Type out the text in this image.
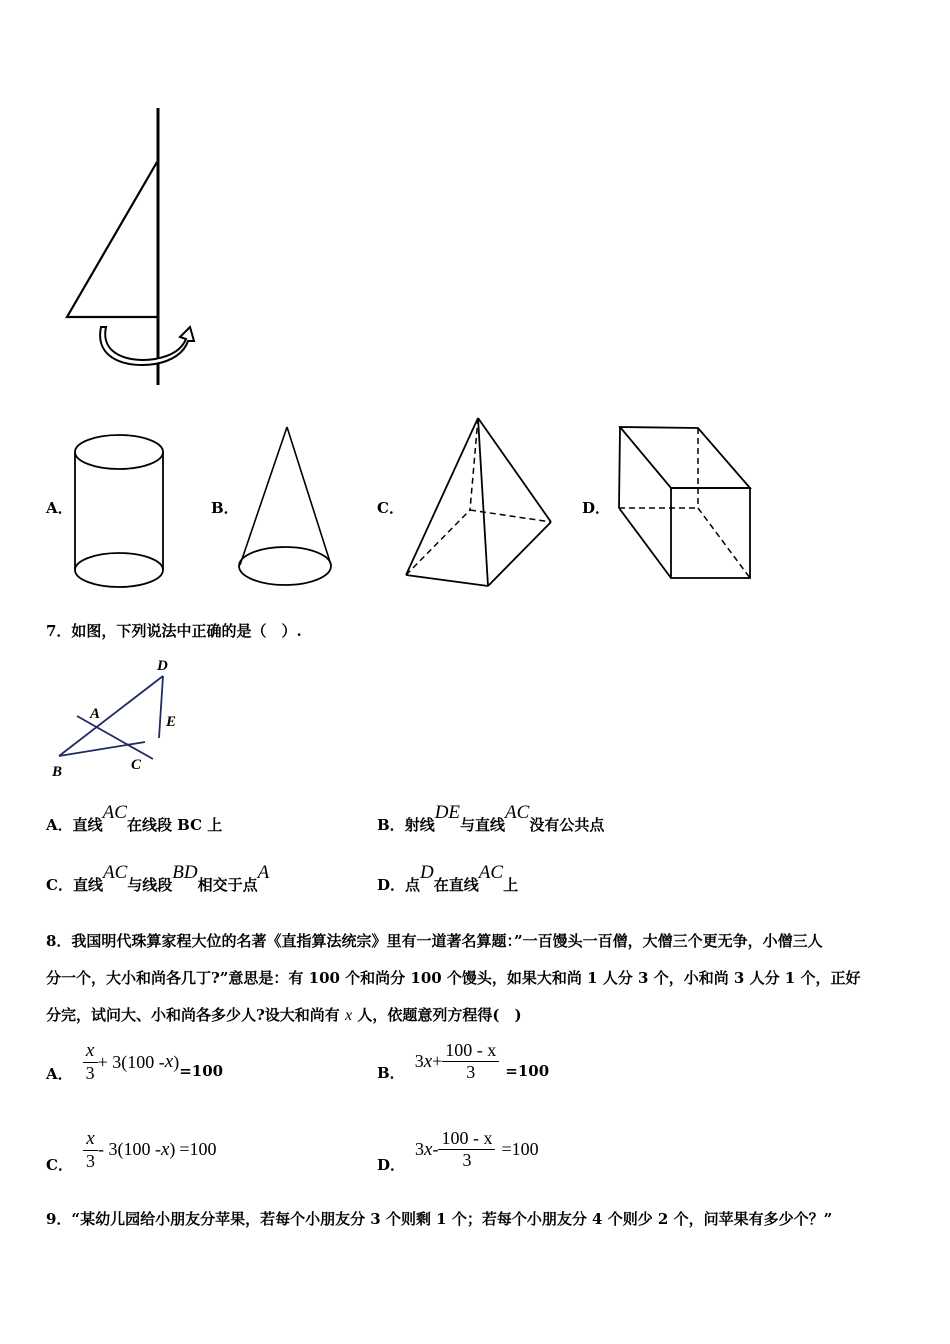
A．	B．	C．	D．
7．如图，下列说法中正确的是（　）.
D
A	E
B	C
A．直线AC在线段 BC 上	B．射线DE与直线AC没有公共点
C．直线AC与线段BD相交于点A
D．点D在直线AC上
8．我国明代珠算家程大位的名著《直指算法统宗》里有一道著名算题：”一百馒头一百僧，大僧三个更无争，小僧三人
分一个，大小和尚各几丁?”意思是：有 100 个和尚分 100 个馒头，如果大和尚 1 人分 3 个，小和尚 3 人分 1 个，正好
分完，试问大、小和尚各多少人?设大和尚有 x 人，依题意列方程得(　)
A． $\frac{x}{3} + 3(100 - x$ ) =100	B．
3 $x + \frac{100 - x}{3} =100$
C． $\frac{x}{3} - 3(100$ - x ) =100
D．
3 $x - \frac{100 - x}{3} =100$
9．“某幼儿园给小朋友分苹果，若每个小朋友分 3 个则剩 1 个；若每个小朋友分 4 个则少 2 个，问苹果有多少个？”
